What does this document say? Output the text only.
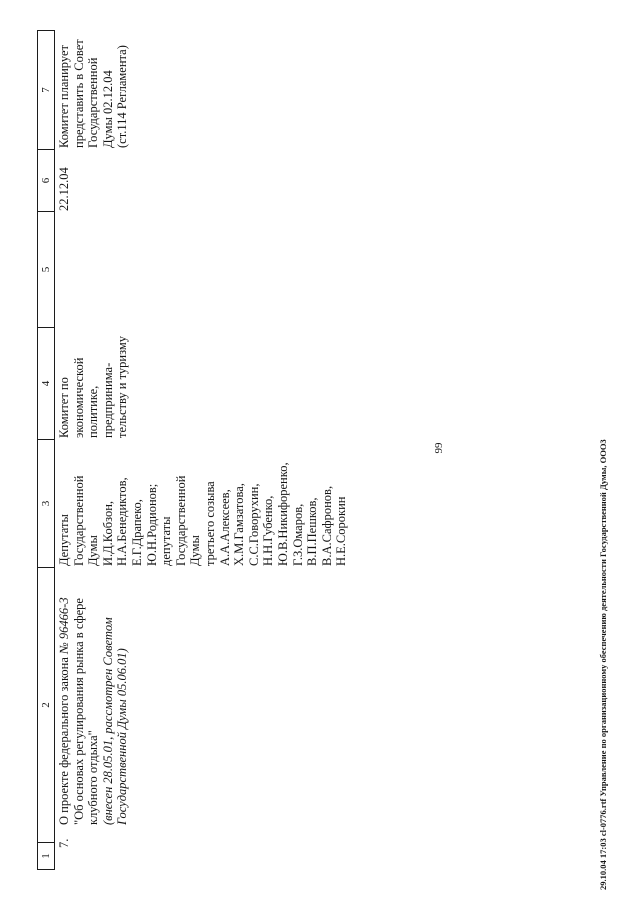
1
2
3
4
5
6
7
7.
О проекте федерального закона № 96466-3 "Об основах регулирования рынка в сфере клубного отдыха" (внесен 28.05.01, рассмотрен Советом Государственной Думы 05.06.01)
Депутаты Государственной Думы И.Д.Кобзон, Н.А.Бенедиктов, Е.Г.Драпеко, Ю.Н.Родионов; депутаты Государственной Думы третьего созыва А.А.Алексеев, Х.М.Гамзатова, С.С.Говорухин, Н.Н.Губенко, Ю.В.Никифоренко, Г.З.Омаров, В.П.Пешков, В.А.Сафронов, Н.Е.Сорокин
Комитет по экономической политике, предпринима- тельству и туризму
22.12.04
Комитет планирует представить в Совет Государственной Думы 02.12.04 (ст.114 Регламента)
99	29.10.04 17:03 cl-0776.rtf Управление по организационному обеспечению деятельности Государственной Думы, ООО3
